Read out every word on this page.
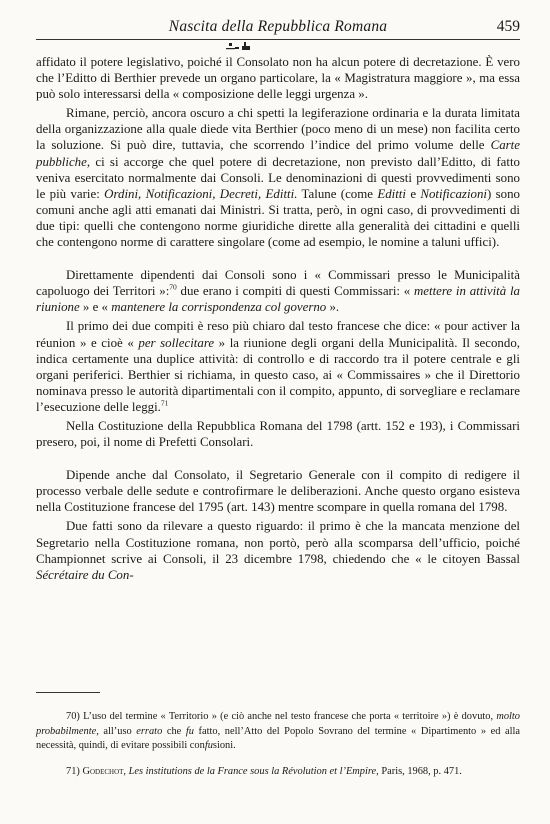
Nascita della Repubblica Romana	459

affidato il potere legislativo, poiché il Consolato non ha alcun potere di decretazione. È vero che l’Editto di Berthier prevede un organo particolare, la « Magistratura maggiore », ma essa può solo interessarsi della « composizione delle leggi urgenza ».

Rimane, perciò, ancora oscuro a chi spetti la legiferazione ordinaria e la durata limitata della organizzazione alla quale diede vita Berthier (poco meno di un mese) non facilita certo la soluzione. Si può dire, tuttavia, che scorrendo l’indice del primo volume delle Carte pubbliche, ci si accorge che quel potere di decretazione, non previsto dall’Editto, di fatto veniva esercitato normalmente dai Consoli. Le denominazioni di questi provvedimenti sono le più varie: Ordini, Notificazioni, Decreti, Editti. Talune (come Editti e Notificazioni) sono comuni anche agli atti emanati dai Ministri. Si tratta, però, in ogni caso, di provvedimenti di due tipi: quelli che contengono norme giuridiche dirette alla generalità dei cittadini e quelli che contengono norme di carattere singolare (come ad esempio, le nomine a taluni uffici).

Direttamente dipendenti dai Consoli sono i « Commissari presso le Municipalità capoluogo dei Territori »:$^{70}$ due erano i compiti di questi Commissari: « mettere in attività la riunione » e « mantenere la corrispondenza col governo ».

Il primo dei due compiti è reso più chiaro dal testo francese che dice: « pour activer la réunion » e cioè « per sollecitare » la riunione degli organi della Municipalità. Il secondo, indica certamente una duplice attività: di controllo e di raccordo tra il potere centrale e gli organi periferici. Berthier si richiama, in questo caso, ai « Commissaires » che il Direttorio nominava presso le autorità dipartimentali con il compito, appunto, di sorvegliare e reclamare l’esecuzione delle leggi.$^{71}$

Nella Costituzione della Repubblica Romana del 1798 (artt. 152 e 193), i Commissari presero, poi, il nome di Prefetti Consolari.

Dipende anche dal Consolato, il Segretario Generale con il compito di redigere il processo verbale delle sedute e controfirmare le deliberazioni. Anche questo organo esisteva nella Costituzione francese del 1795 (art. 143) mentre scompare in quella romana del 1798.

Due fatti sono da rilevare a questo riguardo: il primo è che la mancata menzione del Segretario nella Costituzione romana, non portò, però alla scomparsa dell’ufficio, poiché Championnet scrive ai Consoli, il 23 dicembre 1798, chiedendo che « le citoyen Bassal Sécrétaire du Con-

70) L’uso del termine « Territorio » (e ciò anche nel testo francese che porta « territoire ») è dovuto, molto probabilmente, all’uso errato che fu fatto, nell’Atto del Popolo Sovrano del termine « Dipartimento » ed alla necessità, quindi, di evitare possibili confusioni.

71) Godechot, Les institutions de la France sous la Révolution et l’Empire, Paris, 1968, p. 471.
